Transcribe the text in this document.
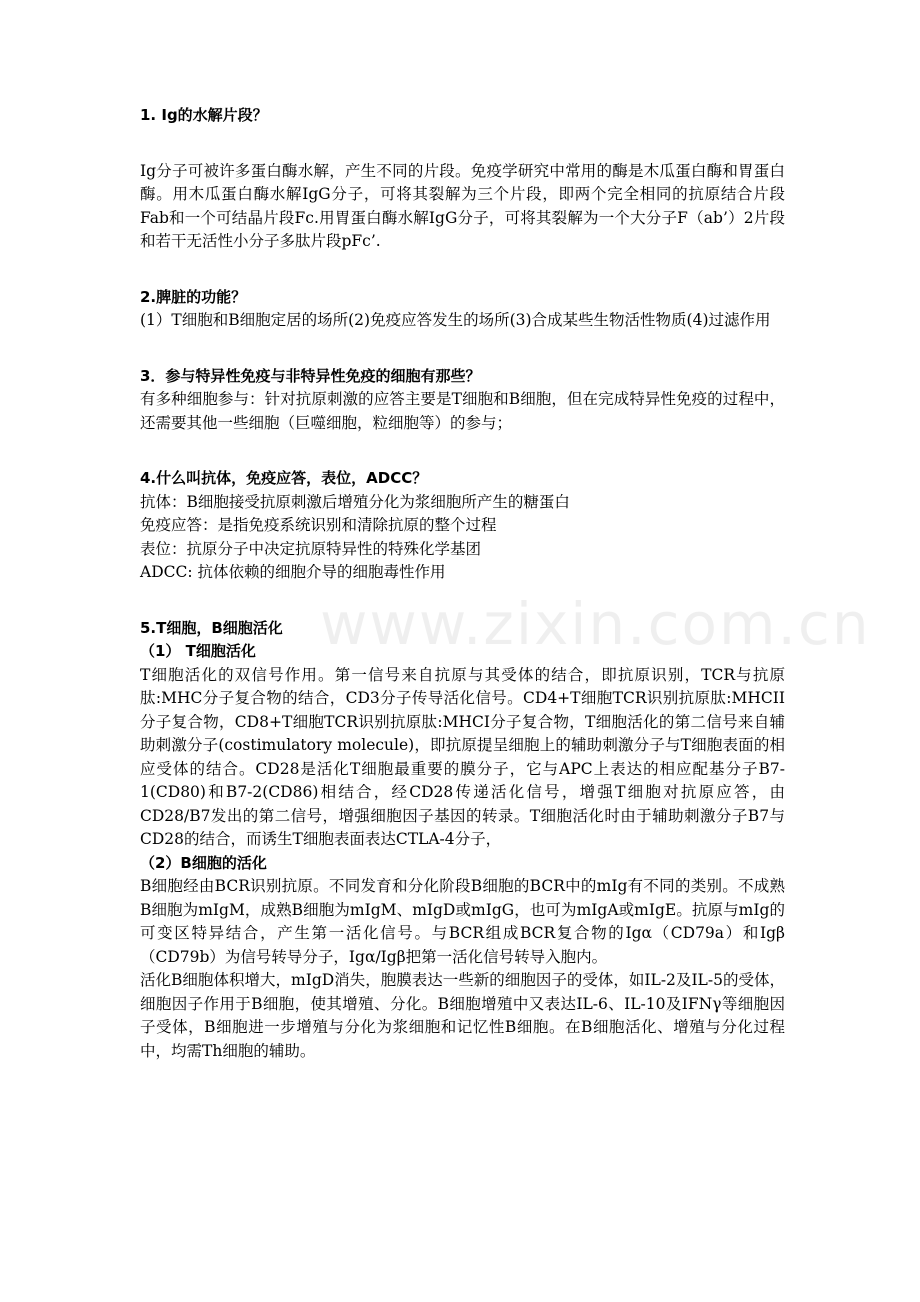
www.zixin.com.cn
1. Ig的水解片段？

Ig分子可被许多蛋白酶水解，产生不同的片段。免疫学研究中常用的酶是木瓜蛋白酶和胃蛋白酶。用木瓜蛋白酶水解IgG分子，可将其裂解为三个片段，即两个完全相同的抗原结合片段Fab和一个可结晶片段Fc.用胃蛋白酶水解IgG分子，可将其裂解为一个大分子F（ab’）2片段和若干无活性小分子多肽片段pFc’.

2.脾脏的功能？

(1）T细胞和B细胞定居的场所(2)免疫应答发生的场所(3)合成某些生物活性物质(4)过滤作用

3．参与特异性免疫与非特异性免疫的细胞有那些？

有多种细胞参与：针对抗原刺激的应答主要是T细胞和B细胞，但在完成特异性免疫的过程中，还需要其他一些细胞（巨噬细胞，粒细胞等）的参与；

4.什么叫抗体，免疫应答，表位，ADCC？

抗体：B细胞接受抗原刺激后增殖分化为浆细胞所产生的糖蛋白

免疫应答：是指免疫系统识别和清除抗原的整个过程

表位：抗原分子中决定抗原特异性的特殊化学基团

ADCC: 抗体依赖的细胞介导的细胞毒性作用

5.T细胞，B细胞活化
（1） T细胞活化

T细胞活化的双信号作用。第一信号来自抗原与其受体的结合，即抗原识别，TCR与抗原肽:MHC分子复合物的结合，CD3分子传导活化信号。CD4+T细胞TCR识别抗原肽:MHCII分子复合物，CD8+T细胞TCR识别抗原肽:MHCI分子复合物，T细胞活化的第二信号来自辅助刺激分子(costimulatory molecule)，即抗原提呈细胞上的辅助刺激分子与T细胞表面的相应受体的结合。CD28是活化T细胞最重要的膜分子，它与APC上表达的相应配基分子B7-1(CD80)和B7-2(CD86)相结合，经CD28传递活化信号，增强T细胞对抗原应答，由CD28/B7发出的第二信号，增强细胞因子基因的转录。T细胞活化时由于辅助刺激分子B7与CD28的结合，而诱生T细胞表面表达CTLA-4分子，

（2）B细胞的活化

B细胞经由BCR识别抗原。不同发育和分化阶段B细胞的BCR中的mIg有不同的类别。不成熟B细胞为mIgM，成熟B细胞为mIgM、mIgD或mIgG，也可为mIgA或mIgE。抗原与mIg的可变区特异结合，产生第一活化信号。与BCR组成BCR复合物的Igα（CD79a）和Igβ（CD79b）为信号转导分子，Igα/Igβ把第一活化信号转导入胞内。

活化B细胞体积增大，mIgD消失，胞膜表达一些新的细胞因子的受体，如IL-2及IL-5的受体，细胞因子作用于B细胞，使其增殖、分化。B细胞增殖中又表达IL-6、IL-10及IFNγ等细胞因子受体，B细胞进一步增殖与分化为浆细胞和记忆性B细胞。在B细胞活化、增殖与分化过程中，均需Th细胞的辅助。
